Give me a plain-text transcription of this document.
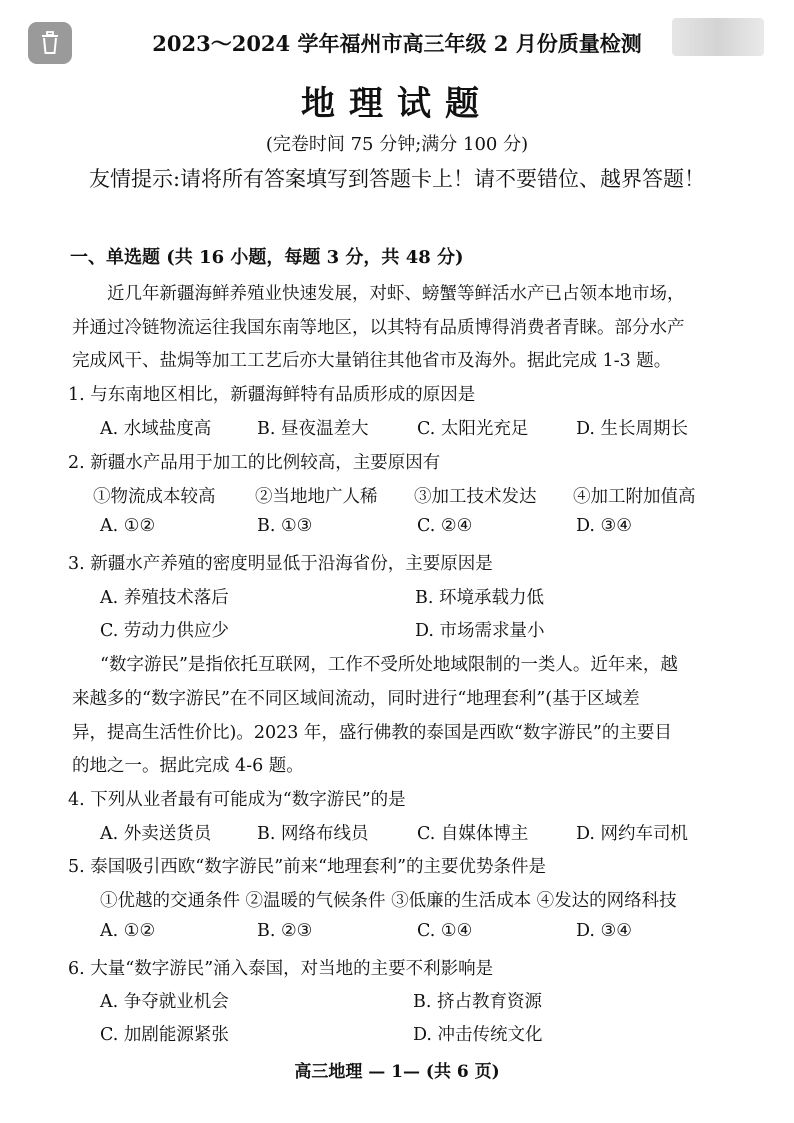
2023～2024 学年福州市高三年级 2 月份质量检测
地理试题
(完卷时间 75 分钟;满分 100 分)
友情提示:请将所有答案填写到答题卡上！请不要错位、越界答题！
一、单选题 (共 16 小题，每题 3 分，共 48 分)
近几年新疆海鲜养殖业快速发展，对虾、螃蟹等鲜活水产已占领本地市场，
并通过冷链物流运往我国东南等地区，以其特有品质博得消费者青睐。部分水产
完成风干、盐焗等加工工艺后亦大量销往其他省市及海外。据此完成 1-3 题。
1. 与东南地区相比，新疆海鲜特有品质形成的原因是
A. 水域盐度高	B. 昼夜温差大	C. 太阳光充足	D. 生长周期长
2. 新疆水产品用于加工的比例较高，主要原因有
①物流成本较高 ②当地地广人稀 ③加工技术发达 ④加工附加值高
A. ①②	B. ①③	C. ②④	D. ③④
3. 新疆水产养殖的密度明显低于沿海省份，主要原因是
A. 养殖技术落后	B. 环境承载力低
C. 劳动力供应少	D. 市场需求量小
“数字游民”是指依托互联网，工作不受所处地域限制的一类人。近年来，越
来越多的“数字游民”在不同区域间流动，同时进行“地理套利”(基于区域差
异，提高生活性价比)。2023 年，盛行佛教的泰国是西欧“数字游民”的主要目
的地之一。据此完成 4-6 题。
4. 下列从业者最有可能成为“数字游民”的是
A. 外卖送货员	B. 网络布线员	C. 自媒体博主	D. 网约车司机
5. 泰国吸引西欧“数字游民”前来“地理套利”的主要优势条件是
①优越的交通条件 ②温暖的气候条件 ③低廉的生活成本 ④发达的网络科技
A. ①②	B. ②③	C. ①④	D. ③④
6. 大量“数字游民”涌入泰国，对当地的主要不利影响是
A. 争夺就业机会	B. 挤占教育资源
C. 加剧能源紧张	D. 冲击传统文化
高三地理 — 1— (共 6 页)
